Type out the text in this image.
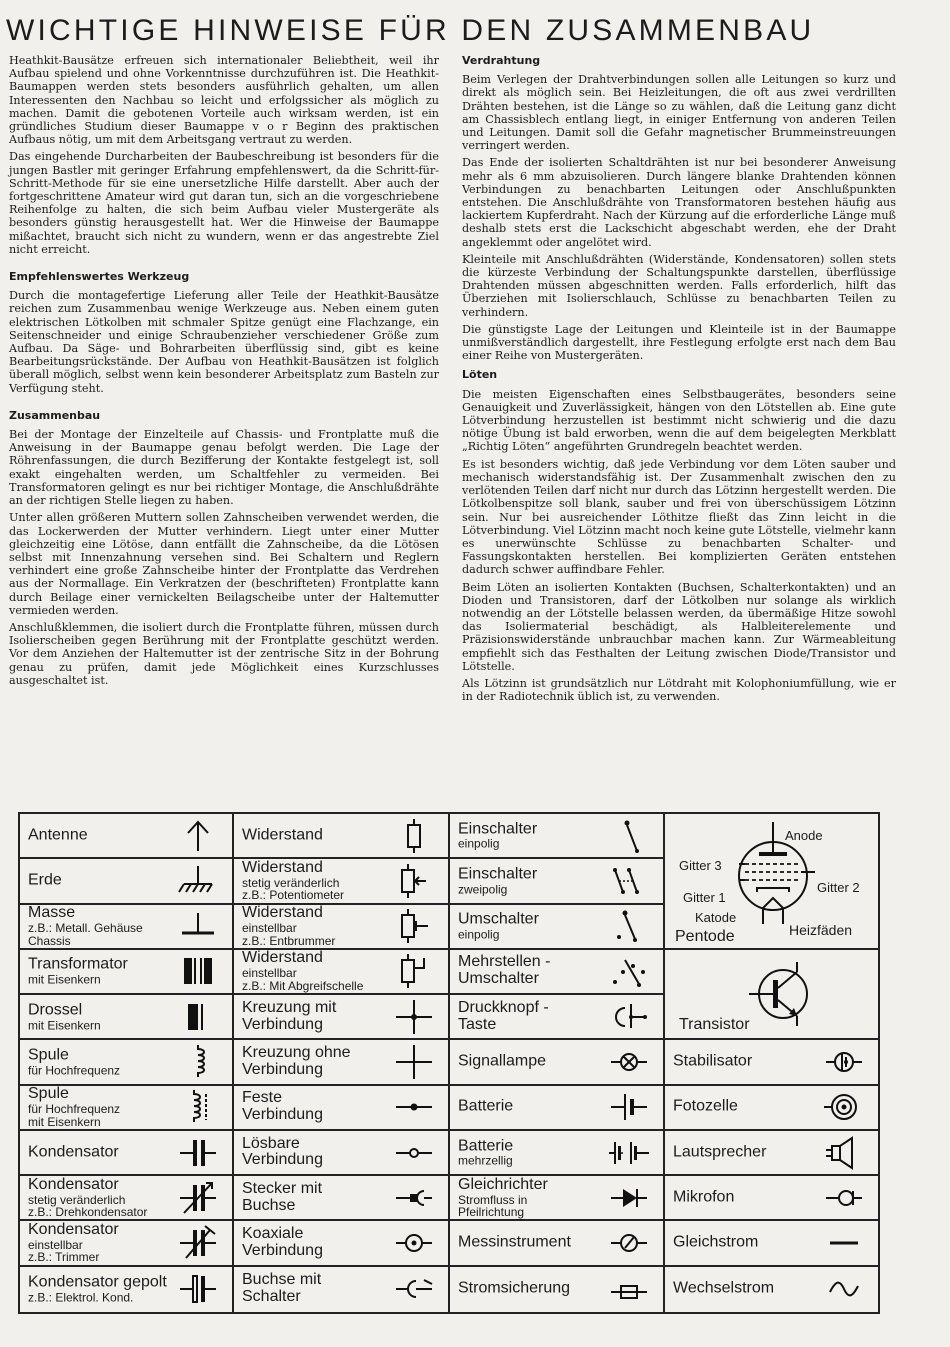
WICHTIGE HINWEISE FÜR DEN ZUSAMMENBAU

Heathkit-Bausätze erfreuen sich internationaler Beliebtheit, weil ihr Aufbau spielend und ohne Vorkenntnisse durchzuführen ist. Die Heathkit-Baumappen werden stets besonders ausführlich gehalten, um allen Interessenten den Nachbau so leicht und erfolgssicher als möglich zu machen. Damit die gebotenen Vorteile auch wirksam werden, ist ein gründliches Studium dieser Baumappe v o r Beginn des praktischen Aufbaus nötig, um mit dem Arbeitsgang vertraut zu werden.

Das eingehende Durcharbeiten der Baubeschreibung ist besonders für die jungen Bastler mit geringer Erfahrung empfehlenswert, da die Schritt-für-Schritt-Methode für sie eine unersetzliche Hilfe darstellt. Aber auch der fortgeschrittene Amateur wird gut daran tun, sich an die vorgeschriebene Reihenfolge zu halten, die sich beim Aufbau vieler Mustergeräte als besonders günstig herausgestellt hat. Wer die Hinweise der Baumappe mißachtet, braucht sich nicht zu wundern, wenn er das angestrebte Ziel nicht erreicht.

Empfehlenswertes Werkzeug

Durch die montagefertige Lieferung aller Teile der Heathkit-Bausätze reichen zum Zusammenbau wenige Werkzeuge aus. Neben einem guten elektrischen Lötkolben mit schmaler Spitze genügt eine Flachzange, ein Seitenschneider und einige Schraubenzieher verschiedener Größe zum Aufbau. Da Säge- und Bohrarbeiten überflüssig sind, gibt es keine Bearbeitungsrückstände. Der Aufbau von Heathkit-Bausätzen ist folglich überall möglich, selbst wenn kein besonderer Arbeitsplatz zum Basteln zur Verfügung steht.

Zusammenbau

Bei der Montage der Einzelteile auf Chassis- und Frontplatte muß die Anweisung in der Baumappe genau befolgt werden. Die Lage der Röhrenfassungen, die durch Bezifferung der Kontakte festgelegt ist, soll exakt eingehalten werden, um Schaltfehler zu vermeiden. Bei Transformatoren gelingt es nur bei richtiger Montage, die Anschlußdrähte an der richtigen Stelle liegen zu haben.

Unter allen größeren Muttern sollen Zahnscheiben verwendet werden, die das Lockerwerden der Mutter verhindern. Liegt unter einer Mutter gleichzeitig eine Lötöse, dann entfällt die Zahnscheibe, da die Lötösen selbst mit Innenzahnung versehen sind. Bei Schaltern und Reglern verhindert eine große Zahnscheibe hinter der Frontplatte das Verdrehen aus der Normallage. Ein Verkratzen der (beschrifteten) Frontplatte kann durch Beilage einer vernickelten Beilagscheibe unter der Haltemutter vermieden werden.

Anschlußklemmen, die isoliert durch die Frontplatte führen, müssen durch Isolierscheiben gegen Berührung mit der Frontplatte geschützt werden. Vor dem Anziehen der Haltemutter ist der zentrische Sitz in der Bohrung genau zu prüfen, damit jede Möglichkeit eines Kurzschlusses ausgeschaltet ist.

Verdrahtung

Beim Verlegen der Drahtverbindungen sollen alle Leitungen so kurz und direkt als möglich sein. Bei Heizleitungen, die oft aus zwei verdrillten Drähten bestehen, ist die Länge so zu wählen, daß die Leitung ganz dicht am Chassisblech entlang liegt, in einiger Entfernung von anderen Teilen und Leitungen. Damit soll die Gefahr magnetischer Brummeinstreuungen verringert werden.

Das Ende der isolierten Schaltdrähten ist nur bei besonderer Anweisung mehr als 6 mm abzuisolieren. Durch längere blanke Drahtenden können Verbindungen zu benachbarten Leitungen oder Anschlußpunkten entstehen. Die Anschlußdrähte von Transformatoren bestehen häufig aus lackiertem Kupferdraht. Nach der Kürzung auf die erforderliche Länge muß deshalb stets erst die Lackschicht abgeschabt werden, ehe der Draht angeklemmt oder angelötet wird.

Kleinteile mit Anschlußdrähten (Widerstände, Kondensatoren) sollen stets die kürzeste Verbindung der Schaltungspunkte darstellen, überflüssige Drahtenden müssen abgeschnitten werden. Falls erforderlich, hilft das Überziehen mit Isolierschlauch, Schlüsse zu benachbarten Teilen zu verhindern.

Die günstigste Lage der Leitungen und Kleinteile ist in der Baumappe unmißverständlich dargestellt, ihre Festlegung erfolgte erst nach dem Bau einer Reihe von Mustergeräten.

Löten

Die meisten Eigenschaften eines Selbstbaugerätes, besonders seine Genauigkeit und Zuverlässigkeit, hängen von den Lötstellen ab. Eine gute Lötverbindung herzustellen ist bestimmt nicht schwierig und die dazu nötige Übung ist bald erworben, wenn die auf dem beigelegten Merkblatt „Richtig Löten“ angeführten Grundregeln beachtet werden.

Es ist besonders wichtig, daß jede Verbindung vor dem Löten sauber und mechanisch widerstandsfähig ist. Der Zusammenhalt zwischen den zu verlötenden Teilen darf nicht nur durch das Lötzinn hergestellt werden. Die Lötkolbenspitze soll blank, sauber und frei von überschüssigem Lötzinn sein. Nur bei ausreichender Löthitze fließt das Zinn leicht in die Lötverbindung. Viel Lötzinn macht noch keine gute Lötstelle, vielmehr kann es unerwünschte Schlüsse zu benachbarten Schalter- und Fassungskontakten herstellen. Bei komplizierten Geräten entstehen dadurch schwer auffindbare Fehler.

Beim Löten an isolierten Kontakten (Buchsen, Schalterkontakten) und an Dioden und Transistoren, darf der Lötkolben nur solange als wirklich notwendig an der Lötstelle belassen werden, da übermäßige Hitze sowohl das Isoliermaterial beschädigt, als Halbleiterelemente und Präzisionswiderstände unbrauchbar machen kann. Zur Wärmeableitung empfiehlt sich das Festhalten der Leitung zwischen Diode/Transistor und Lötstelle.

Als Lötzinn ist grundsätzlich nur Lötdraht mit Kolophoniumfüllung, wie er in der Radiotechnik üblich ist, zu verwenden.

Antenne
Erde
Masse
z.B.: Metall. Gehäuse
Chassis
Transformator
mit Eisenkern
Drossel
mit Eisenkern
Spule
für Hochfrequenz
Spule
für Hochfrequenz
mit Eisenkern
Kondensator
Kondensator
stetig veränderlich
z.B.: Drehkondensator
Kondensator
einstellbar
z.B.: Trimmer
Kondensator gepolt
z.B.: Elektrol. Kond.
Widerstand
Widerstand
stetig veränderlich
z.B.: Potentiometer
Widerstand
einstellbar
z.B.: Entbrummer
Widerstand
einstellbar
z.B.: Mit Abgreifschelle
Kreuzung mit
Verbindung
Kreuzung ohne
Verbindung
Feste
Verbindung
Lösbare
Verbindung
Stecker mit
Buchse
Koaxiale
Verbindung
Buchse mit
Schalter
Einschalter
einpolig
Einschalter
zweipolig
Umschalter
einpolig
Mehrstellen -
Umschalter
Druckknopf -
Taste
Signallampe
Batterie
Batterie
mehrzellig
Gleichrichter
Stromfluss in
Pfeilrichtung
Messinstrument
Stromsicherung
Anode
Gitter 3
Gitter 2
Gitter 1
Katode
Heizfäden
Pentode
Transistor
Stabilisator
Fotozelle
Lautsprecher
Mikrofon
Gleichstrom
Wechselstrom
